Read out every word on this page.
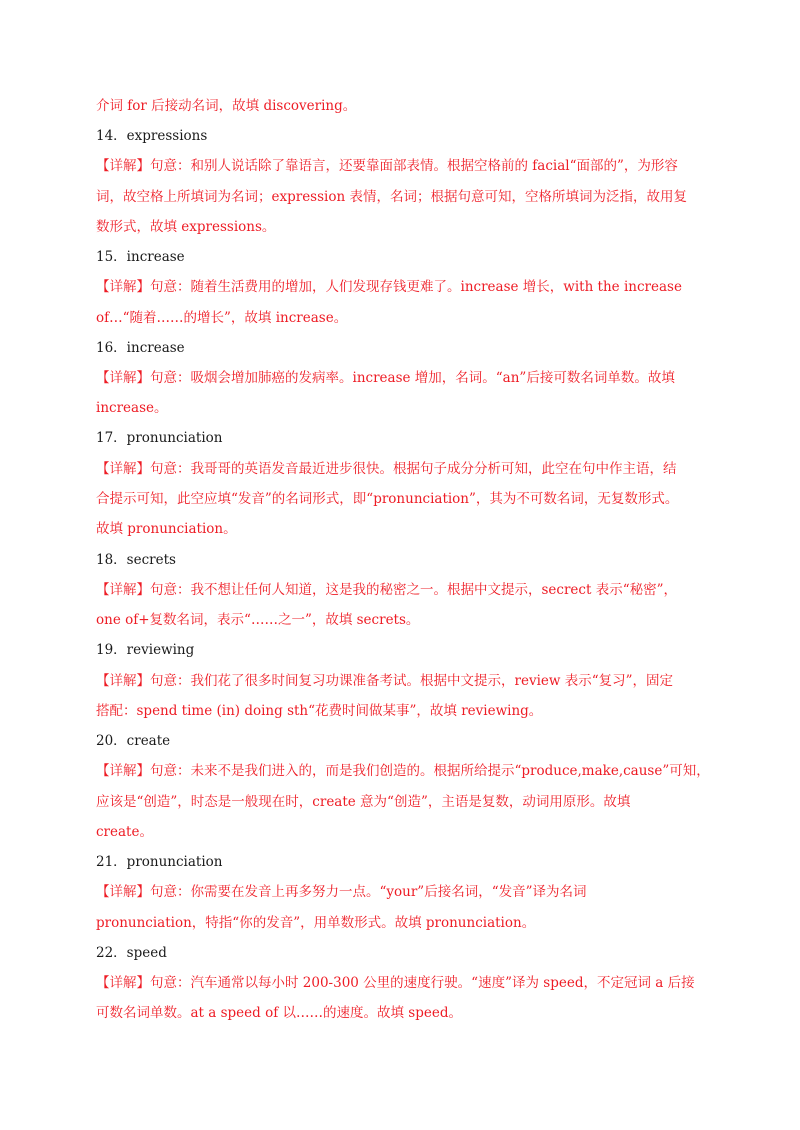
介词 for 后接动名词，故填 discovering。
14．expressions
【详解】句意：和别人说话除了靠语言，还要靠面部表情。根据空格前的 facial“面部的”，为形容
词，故空格上所填词为名词；expression 表情，名词；根据句意可知，空格所填词为泛指，故用复
数形式，故填 expressions。
15．increase
【详解】句意：随着生活费用的增加，人们发现存钱更难了。increase 增长，with the increase
of…“随着……的增长”，故填 increase。
16．increase
【详解】句意：吸烟会增加肺癌的发病率。increase 增加，名词。“an”后接可数名词单数。故填
increase。
17．pronunciation
【详解】句意：我哥哥的英语发音最近进步很快。根据句子成分分析可知，此空在句中作主语，结
合提示可知，此空应填“发音”的名词形式，即“pronunciation”，其为不可数名词，无复数形式。
故填 pronunciation。
18．secrets
【详解】句意：我不想让任何人知道，这是我的秘密之一。根据中文提示，secrect 表示“秘密”，
one of+复数名词，表示“……之一”，故填 secrets。
19．reviewing
【详解】句意：我们花了很多时间复习功课准备考试。根据中文提示，review 表示“复习”，固定
搭配：spend time (in) doing sth“花费时间做某事”，故填 reviewing。
20．create
【详解】句意：未来不是我们进入的，而是我们创造的。根据所给提示“produce,make,cause”可知，
应该是“创造”，时态是一般现在时，create 意为“创造”，主语是复数，动词用原形。故填
create。
21．pronunciation
【详解】句意：你需要在发音上再多努力一点。“your”后接名词，“发音”译为名词
pronunciation，特指“你的发音”，用单数形式。故填 pronunciation。
22．speed
【详解】句意：汽车通常以每小时 200-300 公里的速度行驶。“速度”译为 speed，不定冠词 a 后接
可数名词单数。at a speed of 以……的速度。故填 speed。
